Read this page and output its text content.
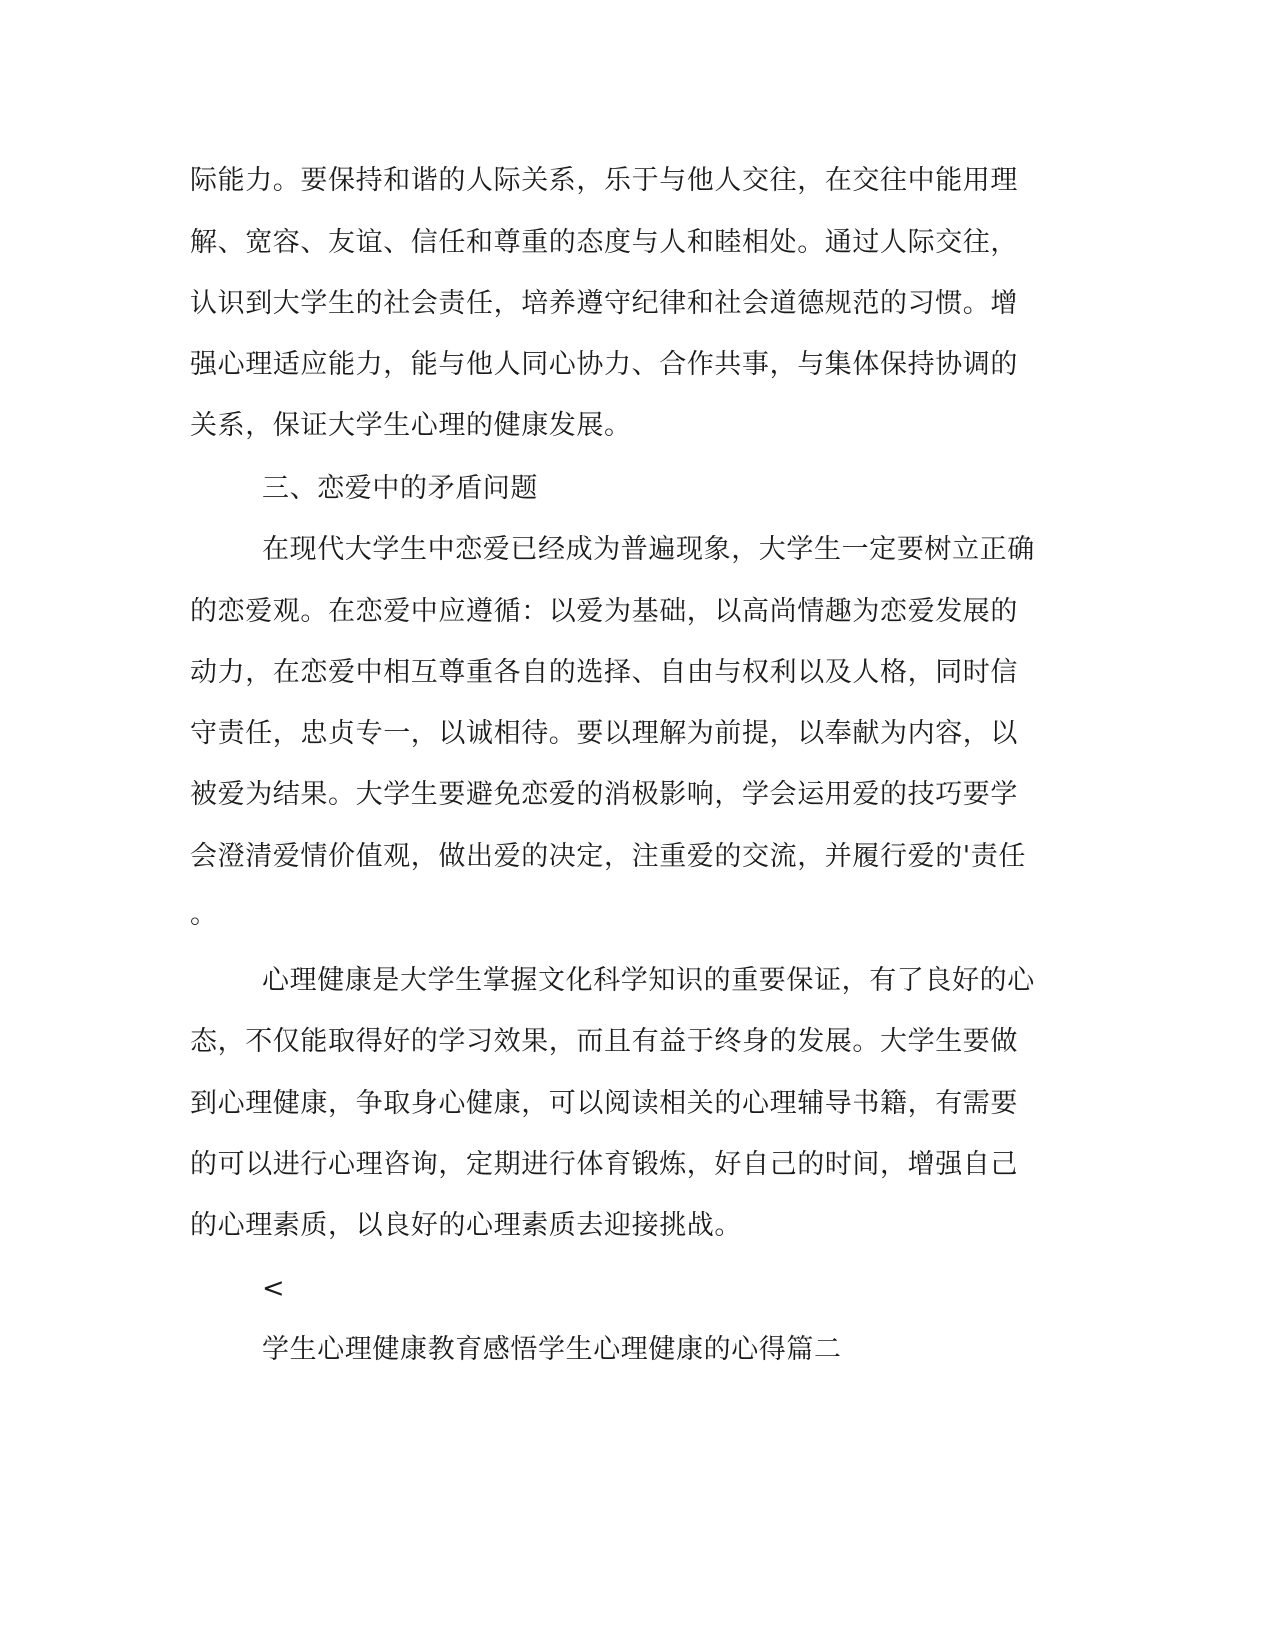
际能力。要保持和谐的人际关系，乐于与他人交往，在交往中能用理
解、宽容、友谊、信任和尊重的态度与人和睦相处。通过人际交往，
认识到大学生的社会责任，培养遵守纪律和社会道德规范的习惯。增
强心理适应能力，能与他人同心协力、合作共事，与集体保持协调的
关系，保证大学生心理的健康发展。
三、恋爱中的矛盾问题
在现代大学生中恋爱已经成为普遍现象，大学生一定要树立正确
的恋爱观。在恋爱中应遵循：以爱为基础，以高尚情趣为恋爱发展的
动力，在恋爱中相互尊重各自的选择、自由与权利以及人格，同时信
守责任，忠贞专一，以诚相待。要以理解为前提，以奉献为内容，以
被爱为结果。大学生要避免恋爱的消极影响，学会运用爱的技巧要学
会澄清爱情价值观，做出爱的决定，注重爱的交流，并履行爱的'责任
。
心理健康是大学生掌握文化科学知识的重要保证，有了良好的心
态，不仅能取得好的学习效果，而且有益于终身的发展。大学生要做
到心理健康，争取身心健康，可以阅读相关的心理辅导书籍，有需要
的可以进行心理咨询，定期进行体育锻炼，好自己的时间，增强自己
的心理素质，以良好的心理素质去迎接挑战。
<
学生心理健康教育感悟学生心理健康的心得篇二
